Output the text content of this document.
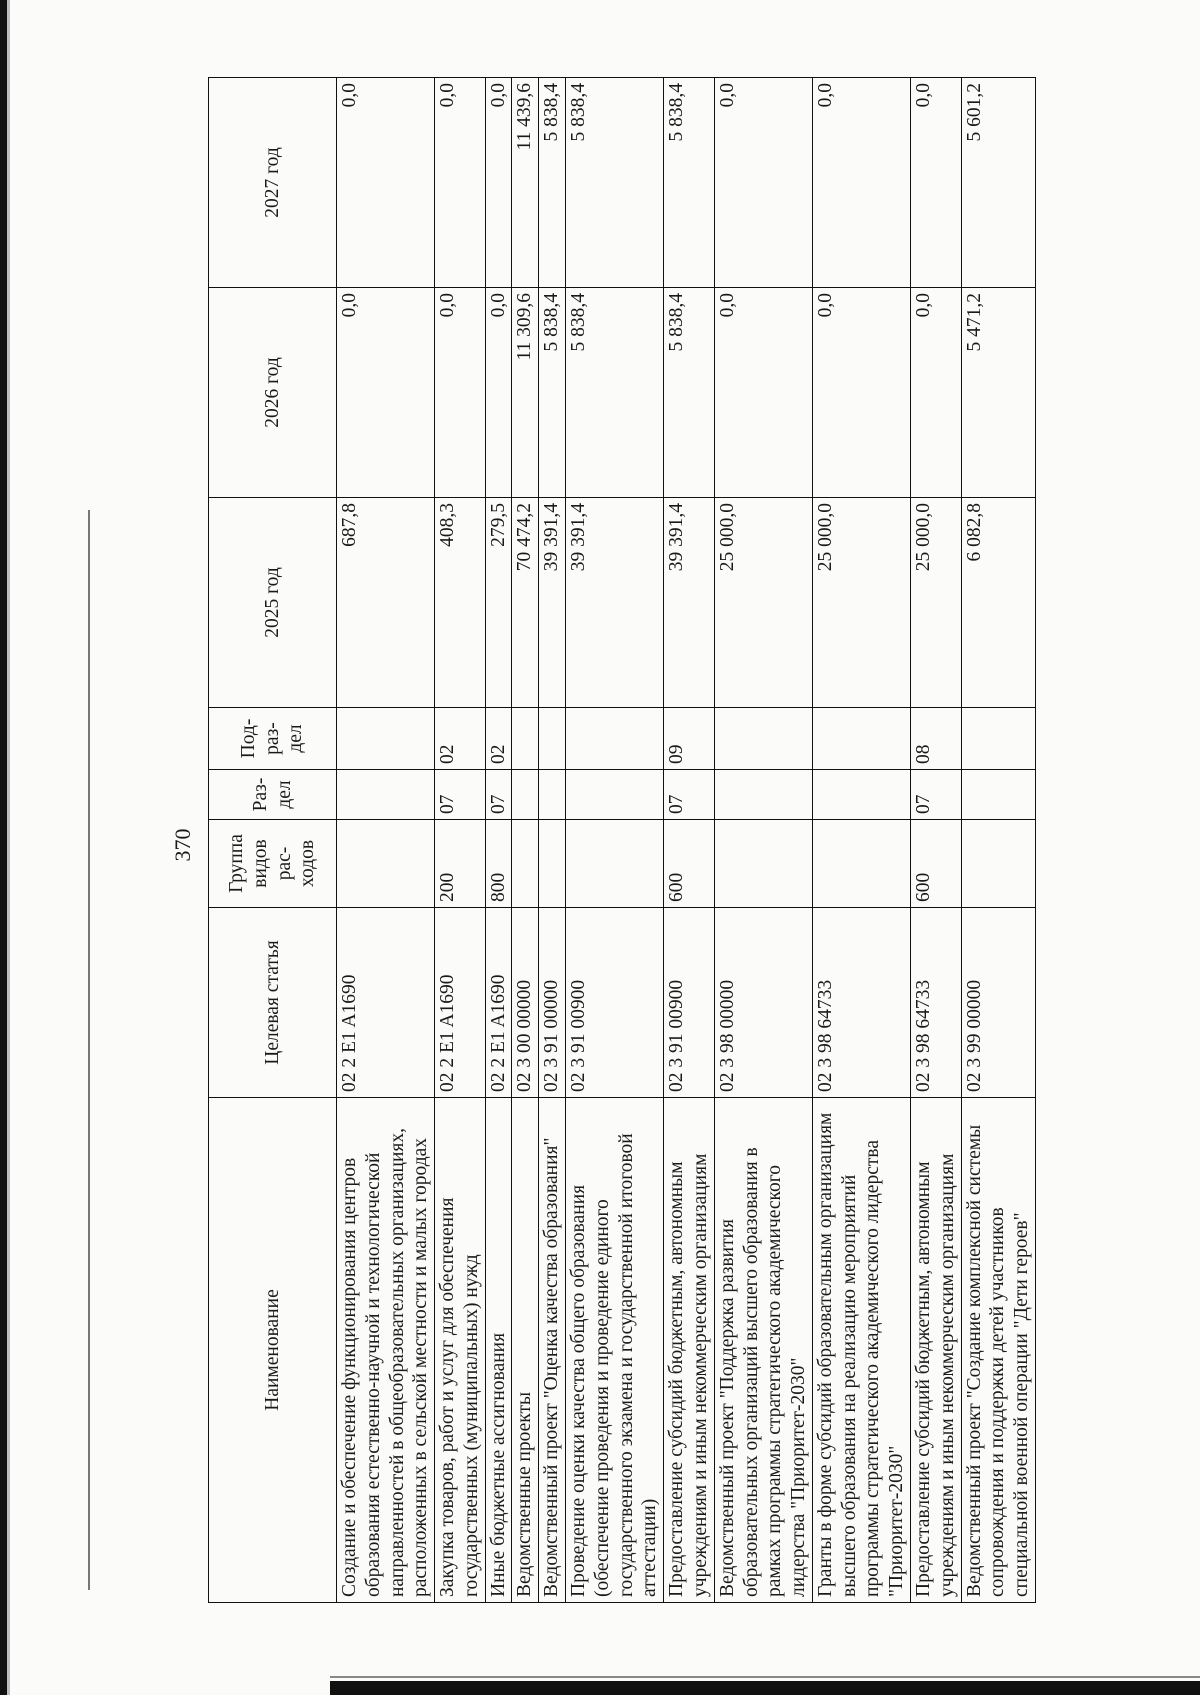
370
Наименование	Целевая статья	Группа видов рас-ходов	Раз-дел	Под-раз-дел	2025 год	2026 год	2027 год
Создание и обеспечение функционирования центров образования естественно-научной и технологической направленностей в общеобразовательных организациях, расположенных в сельской местности и малых городах	02 2 E1 A1690				687,8	0,0	0,0
Закупка товаров, работ и услуг для обеспечения государственных (муниципальных) нужд	02 2 E1 A1690	200	07	02	408,3	0,0	0,0
Иные бюджетные ассигнования	02 2 E1 A1690	800	07	02	279,5	0,0	0,0
Ведомственные проекты	02 3 00 00000				70 474,2	11 309,6	11 439,6
Ведомственный проект "Оценка качества образования"	02 3 91 00000				39 391,4	5 838,4	5 838,4
Проведение оценки качества общего образования (обеспечение проведения и проведение единого государственного экзамена и государственной итоговой аттестации)	02 3 91 00900				39 391,4	5 838,4	5 838,4
Предоставление субсидий бюджетным, автономным учреждениям и иным некоммерческим организациям	02 3 91 00900	600	07	09	39 391,4	5 838,4	5 838,4
Ведомственный проект "Поддержка развития образовательных организаций высшего образования в рамках программы стратегического академического лидерства "Приоритет-2030"	02 3 98 00000				25 000,0	0,0	0,0
Гранты в форме субсидий образовательным организациям высшего образования на реализацию мероприятий программы стратегического академического лидерства "Приоритет-2030"	02 3 98 64733				25 000,0	0,0	0,0
Предоставление субсидий бюджетным, автономным учреждениям и иным некоммерческим организациям	02 3 98 64733	600	07	08	25 000,0	0,0	0,0
Ведомственный проект "Создание комплексной системы сопровождения и поддержки детей участников специальной военной операции "Дети героев"	02 3 99 00000				6 082,8	5 471,2	5 601,2
